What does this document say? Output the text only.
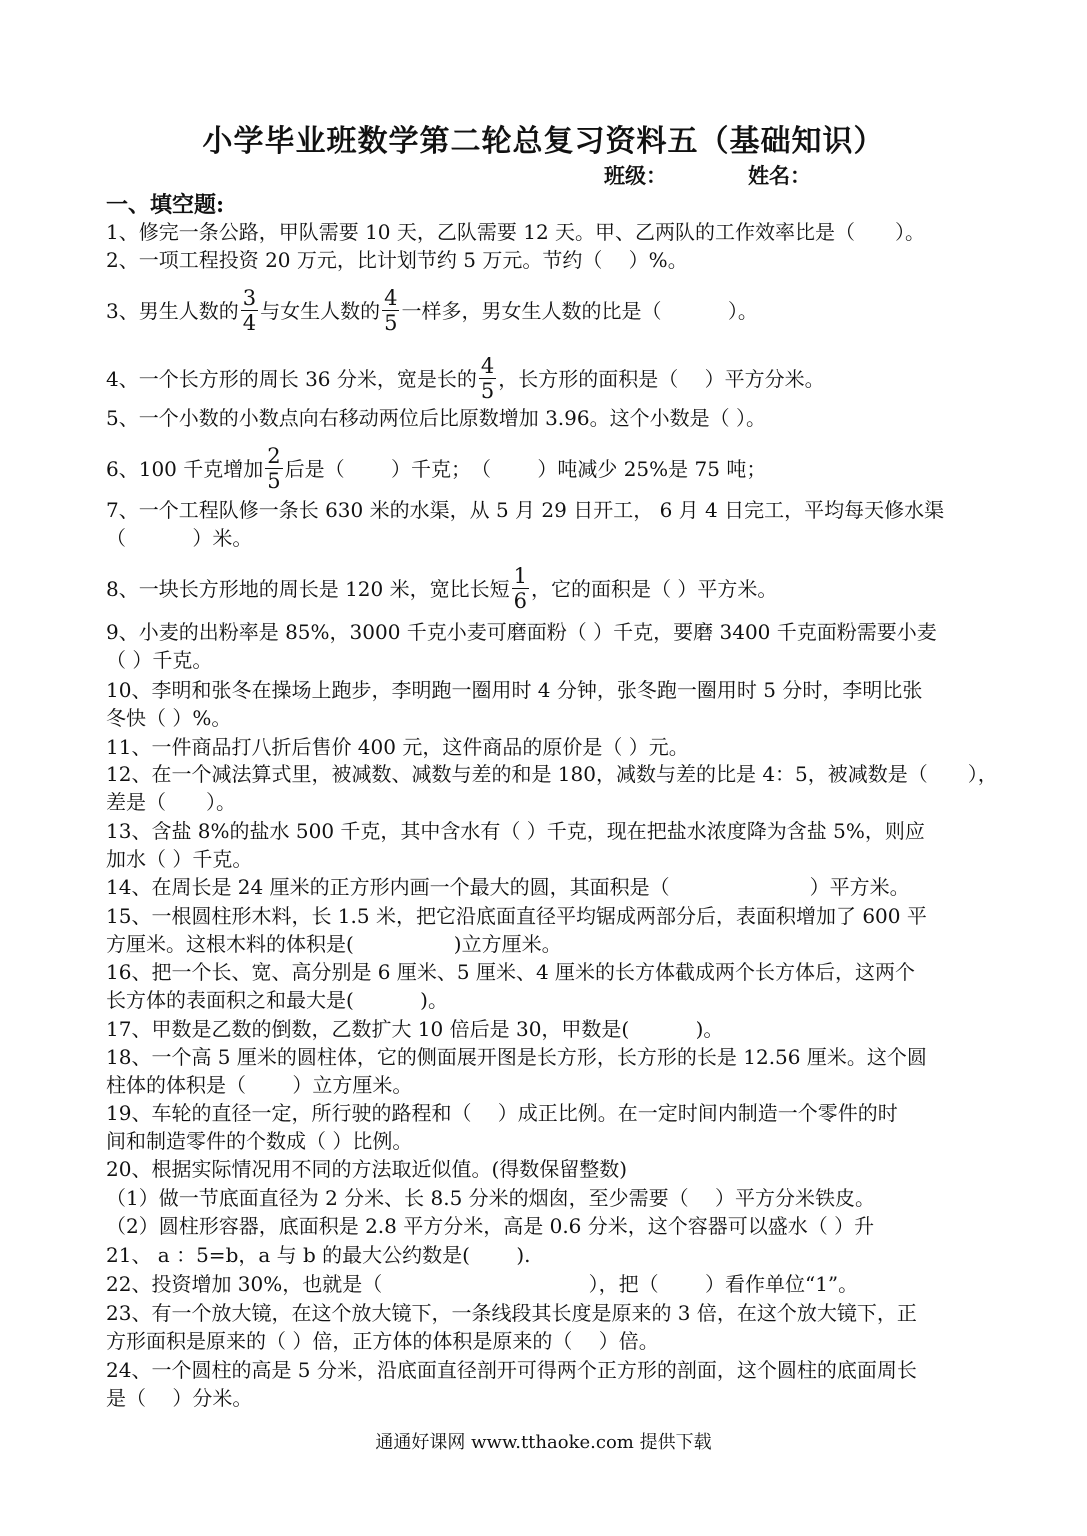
小学毕业班数学第二轮总复习资料五（基础知识）
班级：	姓名：
一、填空题:
1、修完一条公路，甲队需要 10 天，乙队需要 12 天。甲、乙两队的工作效率比是（　　）。
2、一项工程投资 20 万元，比计划节约 5 万元。节约（　 ）%。
3、男生人数的 $\frac{3}{4}$ 与女生人数的 $\frac{4}{5}$ 一样多，男女生人数的比是（　　　 ）。
4、一个长方形的周长 36 分米，宽是长的 $\frac{4}{5}$ ，长方形的面积是（　 ）平方分米。
5、一个小数的小数点向右移动两位后比原数增加 3.96。这个小数是（ ）。
6、100 千克增加 $\frac{2}{5}$ 后是（　　 ）千克；　（　　 ）吨减少 25%是 75 吨；
7、一个工程队修一条长 630 米的水渠，从 5 月 29 日开工， 6 月 4 日完工，平均每天修水渠
（　　　 ）米。
8、一块长方形地的周长是 120 米，宽比长短 $\frac{1}{6}$ ，它的面积是（ ）平方米。
9、小麦的出粉率是 85%，3000 千克小麦可磨面粉（ ）千克，要磨 3400 千克面粉需要小麦
（ ）千克。
10、李明和张冬在操场上跑步，李明跑一圈用时 4 分钟，张冬跑一圈用时 5 分时，李明比张
冬快（ ）%。
11、一件商品打八折后售价 400 元，这件商品的原价是（ ）元。
12、在一个减法算式里，被减数、减数与差的和是 180，减数与差的比是 4：5，被减数是（　　），
差是（　　）。
13、含盐 8%的盐水 500 千克，其中含水有（ ）千克，现在把盐水浓度降为含盐 5%，则应
加水（ ）千克。
14、在周长是 24 厘米的正方形内画一个最大的圆，其面积是（　　　　　　　）平方米。
15、一根圆柱形木料，长 1.5 米，把它沿底面直径平均锯成两部分后，表面积增加了 600 平
方厘米。这根木料的体积是(　　　　　)立方厘米。
16、把一个长、宽、高分别是 6 厘米、5 厘米、4 厘米的长方体截成两个长方体后，这两个
长方体的表面积之和最大是(　　　 )。
17、甲数是乙数的倒数，乙数扩大 10 倍后是 30，甲数是(　　　 )。
18、一个高 5 厘米的圆柱体，它的侧面展开图是长方形，长方形的长是 12.56 厘米。这个圆
柱体的体积是（　　 ）立方厘米。
19、车轮的直径一定，所行驶的路程和（　 ）成正比例。在一定时间内制造一个零件的时
间和制造零件的个数成（ ）比例。
20、根据实际情况用不同的方法取近似值。(得数保留整数)
（1）做一节底面直径为 2 分米、长 8.5 分米的烟囱，至少需要（　 ）平方分米铁皮。
（2）圆柱形容器，底面积是 2.8 平方分米，高是 0.6 分米，这个容器可以盛水（ ）升
21、 a ：5=b，a 与 b 的最大公约数是(　　 ).
22、投资增加 30%，也就是（　　　　　　　　　　 ），把（　　 ）看作单位“1”。
23、有一个放大镜，在这个放大镜下，一条线段其长度是原来的 3 倍，在这个放大镜下，正
方形面积是原来的（ ）倍，正方体的体积是原来的（　 ）倍。
24、一个圆柱的高是 5 分米，沿底面直径剖开可得两个正方形的剖面，这个圆柱的底面周长
是（　 ）分米。
通通好课网 www.tthaoke.com 提供下载
